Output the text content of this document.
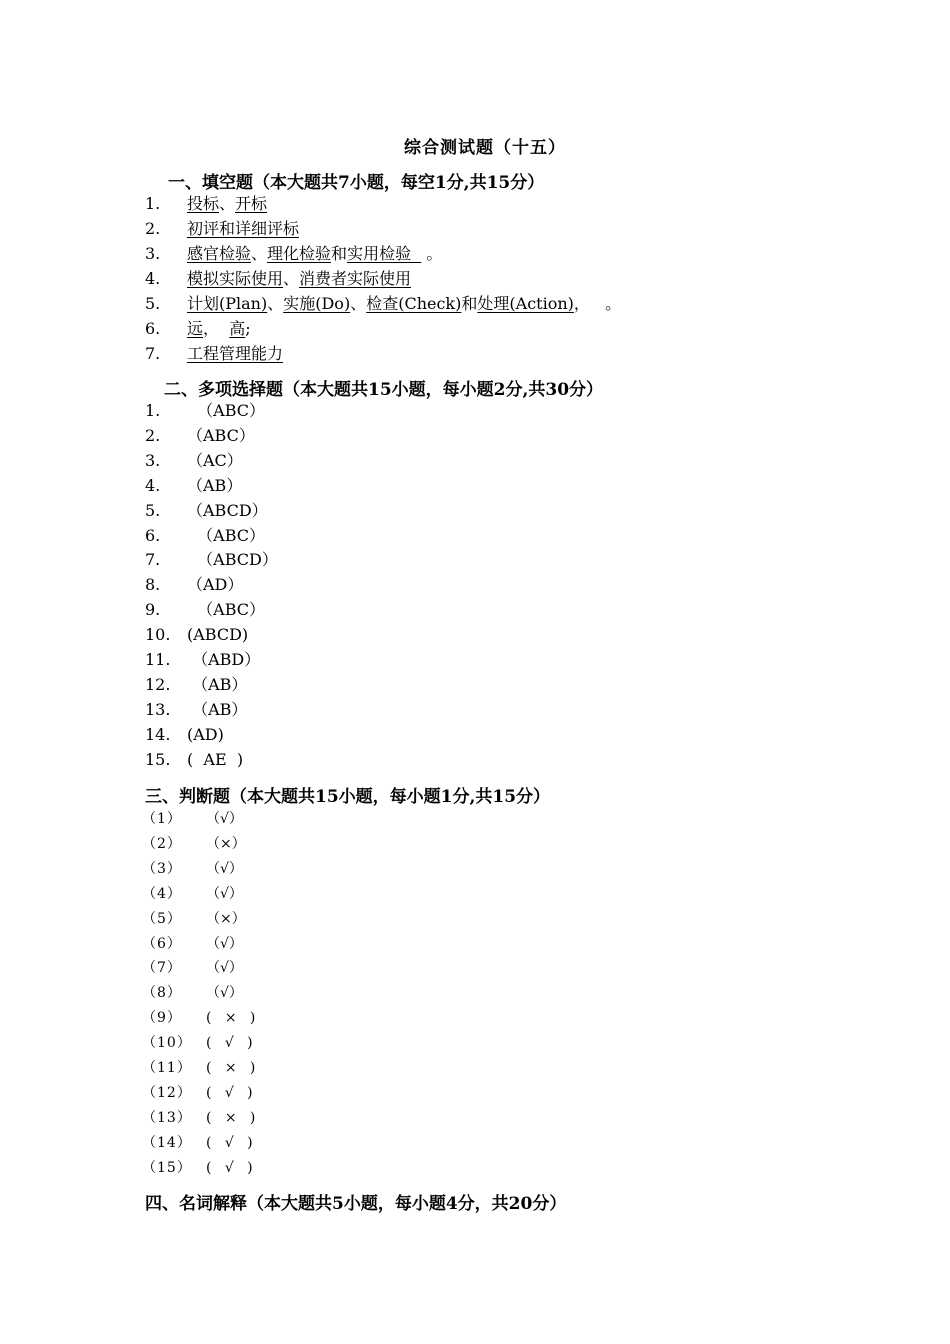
综合测试题（十五）
一、填空题（本大题共7小题，每空1分,共15分）
1. 投标、开标
2. 初评和详细评标
3. 感官检验、理化检验和实用检验   。
4. 模拟实际使用、消费者实际使用
5. 计划(Plan)、实施(Do)、检查(Check)和处理(Action)，   。
6. 远，  高;
7. 工程管理能力
二、多项选择题（本大题共15小题，每小题2分,共30分）
1.  （ABC）
2. （ABC）
3. （AC）
4. （AB）
5. （ABCD）
6.  （ABC）
7.  （ABCD）
8. （AD）
9.  （ABC）
10. (ABCD)
11. （ABD）
12. （AB）
13. （AB）
14. (AD)
15. (  AE  )
三、判断题（本大题共15小题，每小题1分,共15分）
（1） （√）
（2） （×）
（3） （√）
（4） （√）
（5） （×）
（6） （√）
（7） （√）
（8） （√）
（9） (   ×   )
（10） (   √   )
（11） (   ×   )
（12） (   √   )
（13） (   ×   )
（14） (   √   )
（15） (   √   )
四、名词解释（本大题共5小题，每小题4分，共20分）
